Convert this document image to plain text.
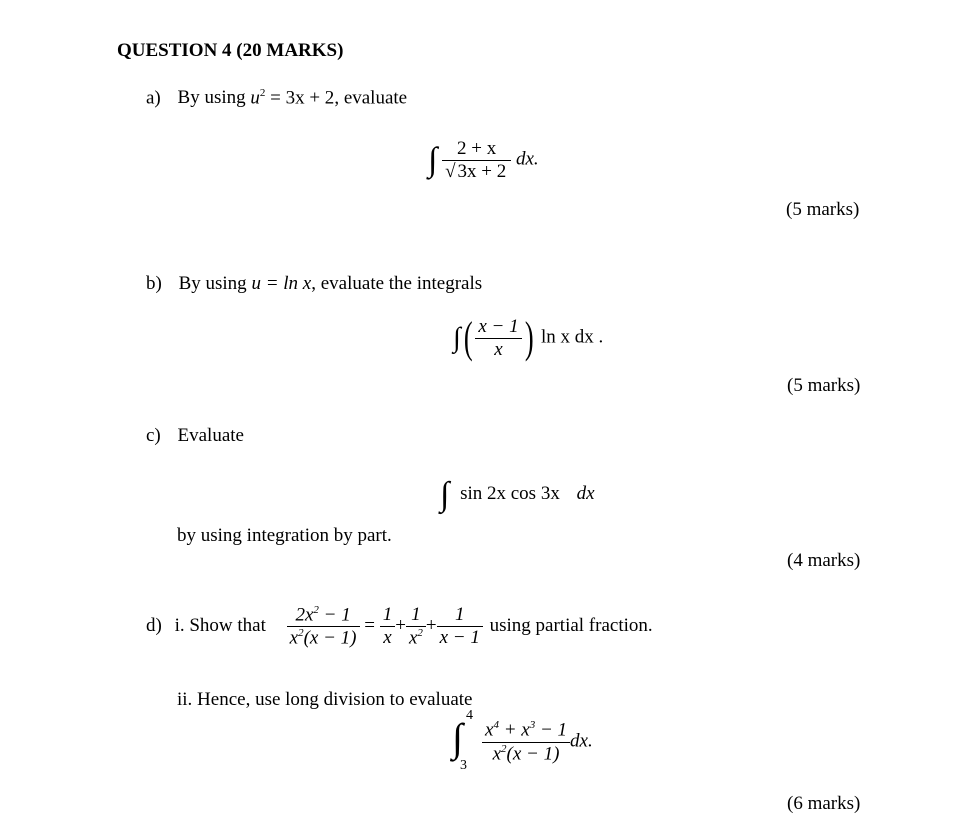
QUESTION 4 (20 MARKS)
a) By using $u^2 = 3x + 2$, evaluate
∫ $\frac{2 + x}{√ 3x + 2}$ dx.
(5 marks)
b) By using u = ln x, evaluate the integrals
∫( $\frac{x - 1}{x}$ ) ln x dx .
(5 marks)
c) Evaluate
∫ sin 2x cos 3x dx
by using integration by part.
(4 marks)
d) i. Show that $\frac{2x^2 - 1}{x^2(x - 1)} = \frac{1}{x} + \frac{1}{x^2} + \frac{1}{x - 1}$ using partial fraction.
ii. Hence, use long division to evaluate
∫ 4
3
$\frac{x^4 + x^3 - 1}{x^2(x - 1)}$ dx.
(6 marks)
